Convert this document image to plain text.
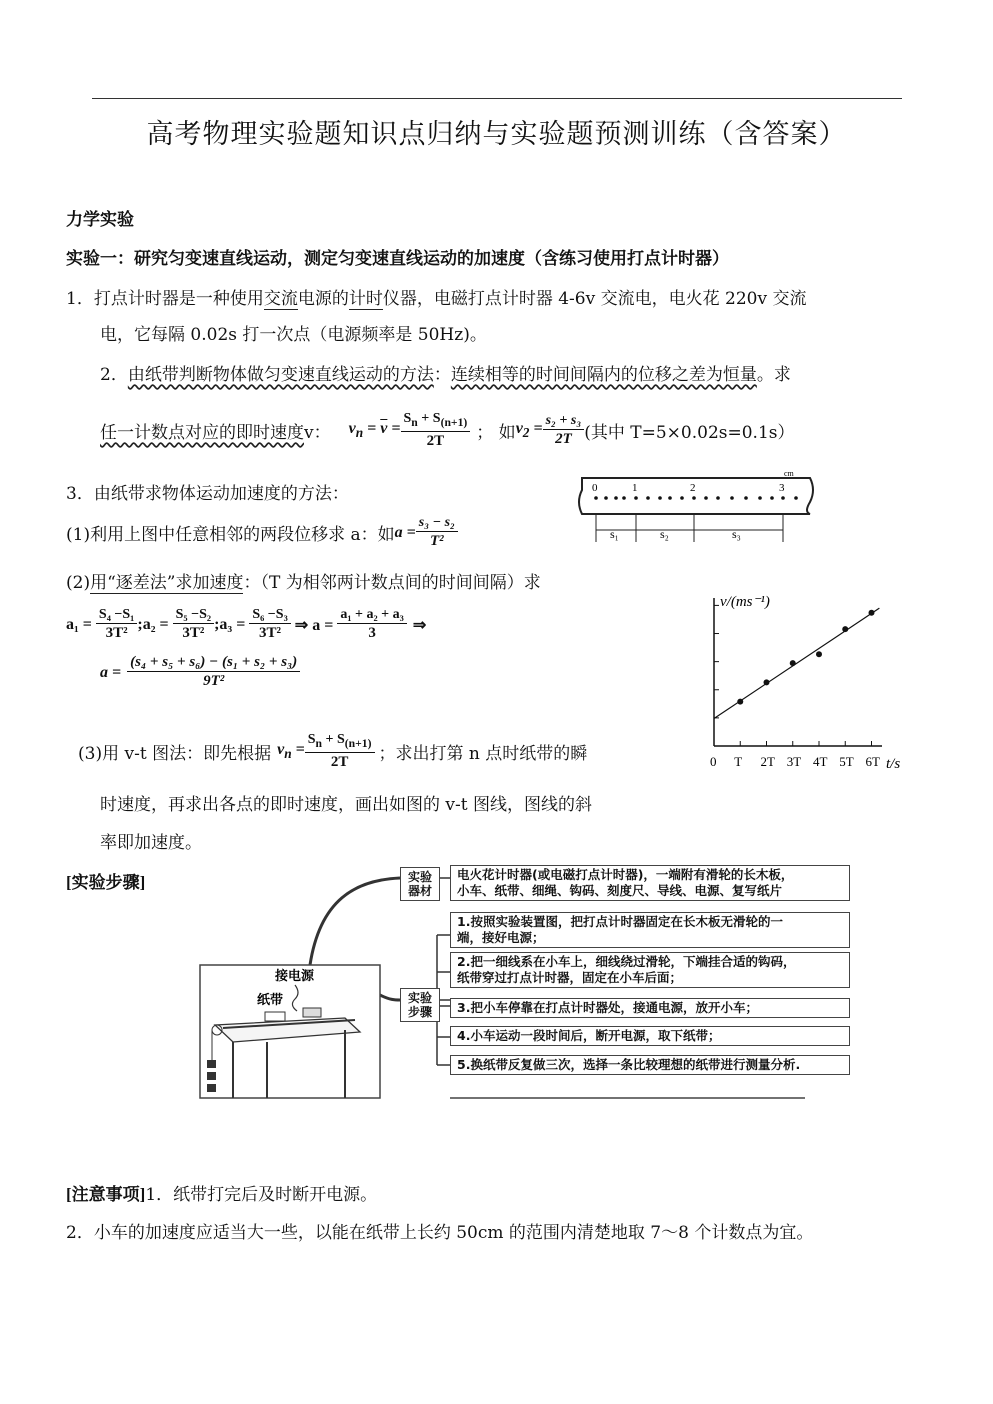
高考物理实验题知识点归纳与实验题预测训练（含答案）
力学实验
实验一：研究匀变速直线运动，测定匀变速直线运动的加速度（含练习使用打点计时器）
1．打点计时器是一种使用交流电源的计时仪器，电磁打点计时器 4-6v 交流电，电火花 220v 交流
电，它每隔 0.02s 打一次点（电源频率是 50Hz)。
2．由纸带判断物体做匀变速直线运动的方法：连续相等的时间间隔内的位移之差为恒量。求
任一计数点对应的即时速度 v： $v_n = \overline{v} = \frac{S_n + S_{(n+1)}}{2T}$ ； 如 $v_2 = \frac{\text{s₂ + s₃}}{2T}$ (其中 T=5×0.02s=0.1s）
3．由纸带求物体运动加速度的方法：
(1)利用上图中任意相邻的两段位移求 a：如 $a = \frac{\text{s₃ − s₂}}{\text{T²}}$
(2)用“逐差法”求加速度：（T 为相邻两计数点间的时间间隔）求
$a_1 = \frac{\text{S₄ −S₁}}{\text{3T²}}$ ;a₂ = $\frac{\text{S₅ −S₂}}{\text{3T²}}$ ;a₃ = $\frac{\text{S₆ −S₃}}{\text{3T²}}$ ⇒ $a = \frac{\text{a₁ + a₂ + a₃}}{3}$ ⇒
$a = \frac{\text{(s₄ + s₅ + s₆) − (s₁ + s₂ + s₃)}}{\text{9T²}}$
(3)用 v-t 图法：即先根据 $v_n = \frac{S_n + S_{(n+1)}}{2T}$ ；求出打第 n 点时纸带的瞬
时速度，再求出各点的即时速度，画出如图的 v-t 图线，图线的斜
率即加速度。
cm
0	1	2	3
s₁	s₂	s₃
v/(ms⁻¹)
t/s
0 T 2T 3T 4T 5T 6T
[实验步骤]
接电源
纸带
实验
器材
电火花计时器(或电磁打点计时器)，一端附有滑轮的长木板，
小车、纸带、细绳、钩码、刻度尺、导线、电源、复写纸片
实验
步骤
1.按照实验装置图，把打点计时器固定在长木板无滑轮的一
端，接好电源；
2.把一细线系在小车上，细线绕过滑轮，下端挂合适的钩码，
纸带穿过打点计时器，固定在小车后面；
3.把小车停靠在打点计时器处，接通电源，放开小车；
4.小车运动一段时间后，断开电源，取下纸带；
5.换纸带反复做三次，选择一条比较理想的纸带进行测量分析.
[注意事项]1．纸带打完后及时断开电源。
2．小车的加速度应适当大一些，以能在纸带上长约 50cm 的范围内清楚地取 7～8 个计数点为宜。
